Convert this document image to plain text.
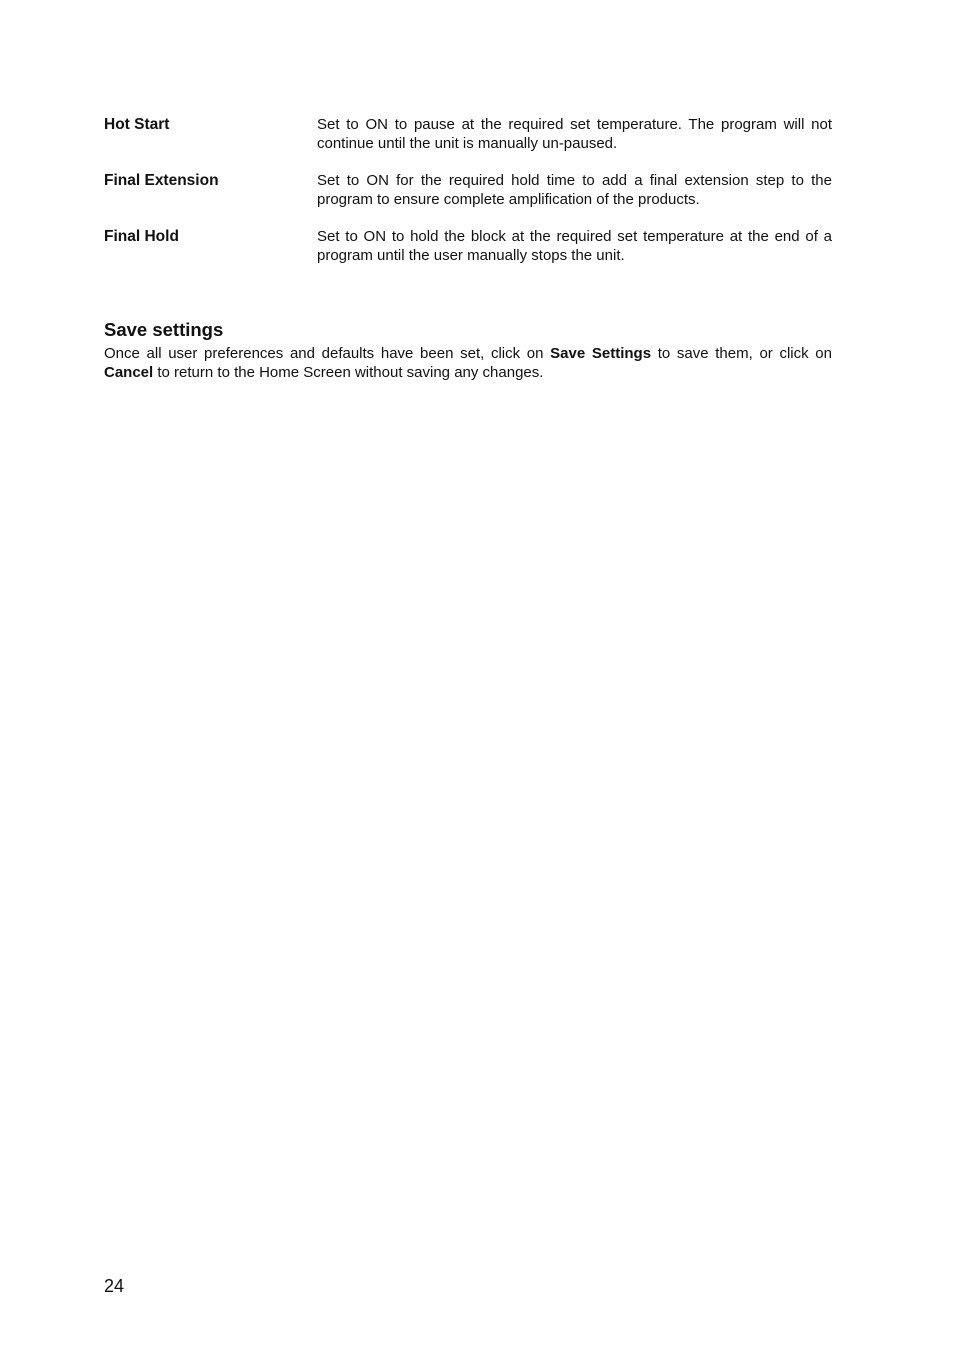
Hot Start	Set to ON to pause at the required set temperature. The program will not continue until the unit is manually un-paused.
Final Extension	Set to ON for the required hold time to add a final extension step to the program to ensure complete amplification of the products.
Final Hold	Set to ON to hold the block at the required set temperature at the end of a program until the user manually stops the unit.
Save settings

Once all user preferences and defaults have been set, click on Save Settings to save them, or click on Cancel to return to the Home Screen without saving any changes.

24
